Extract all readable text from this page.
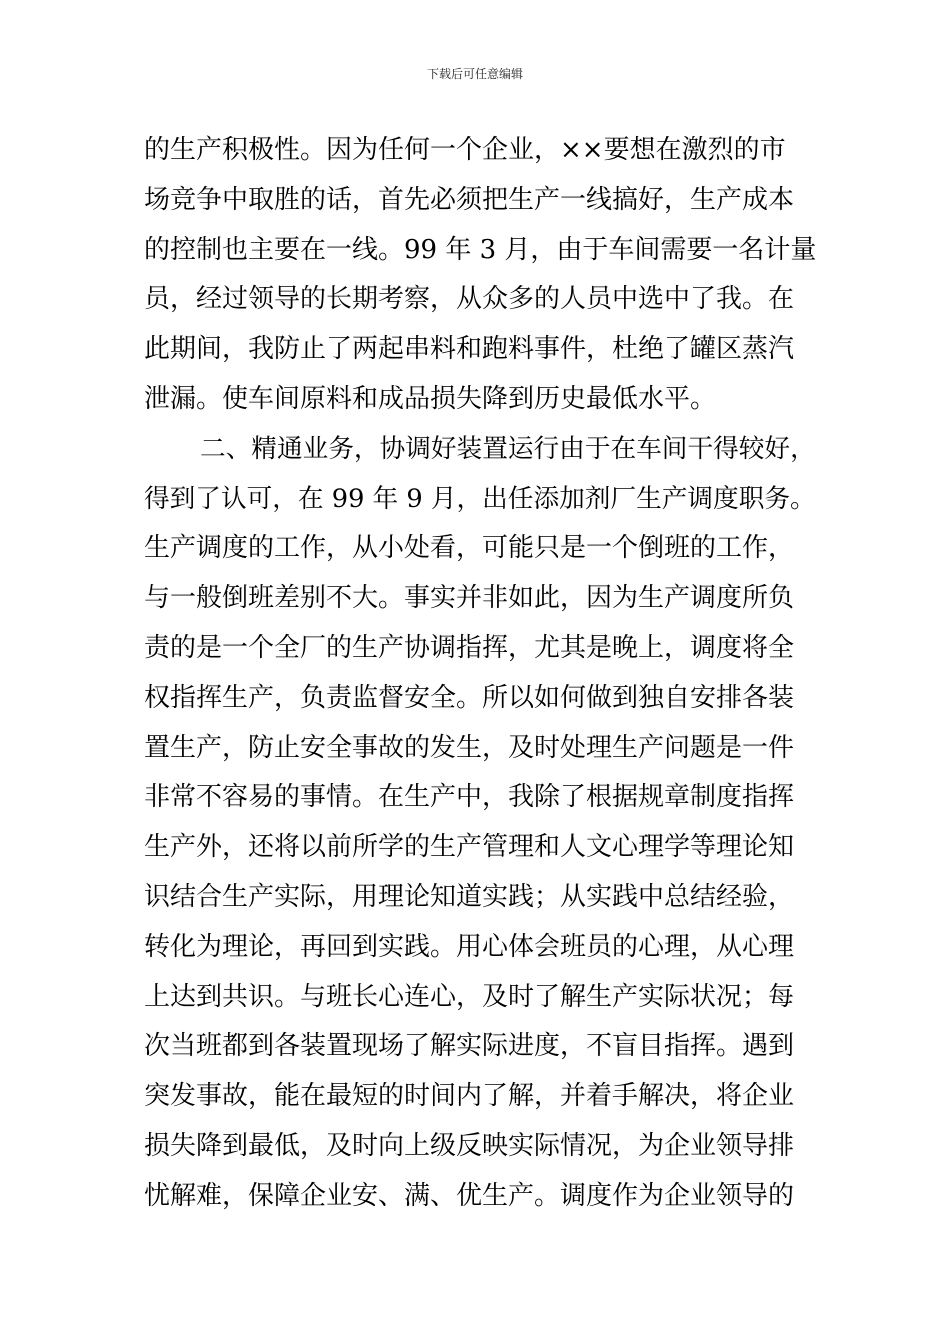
下载后可任意编辑
的生产积极性。因为任何一个企业，××要想在激烈的市
场竞争中取胜的话，首先必须把生产一线搞好，生产成本
的控制也主要在一线。99 年 3 月，由于车间需要一名计量
员，经过领导的长期考察，从众多的人员中选中了我。在
此期间，我防止了两起串料和跑料事件，杜绝了罐区蒸汽
泄漏。使车间原料和成品损失降到历史最低水平。
二、精通业务，协调好装置运行由于在车间干得较好，
得到了认可，在 99 年 9 月，出任添加剂厂生产调度职务。
生产调度的工作，从小处看，可能只是一个倒班的工作，
与一般倒班差别不大。事实并非如此，因为生产调度所负
责的是一个全厂的生产协调指挥，尤其是晚上，调度将全
权指挥生产，负责监督安全。所以如何做到独自安排各装
置生产，防止安全事故的发生，及时处理生产问题是一件
非常不容易的事情。在生产中，我除了根据规章制度指挥
生产外，还将以前所学的生产管理和人文心理学等理论知
识结合生产实际，用理论知道实践；从实践中总结经验，
转化为理论，再回到实践。用心体会班员的心理，从心理
上达到共识。与班长心连心，及时了解生产实际状况；每
次当班都到各装置现场了解实际进度，不盲目指挥。遇到
突发事故，能在最短的时间内了解，并着手解决，将企业
损失降到最低，及时向上级反映实际情况，为企业领导排
忧解难，保障企业安、满、优生产。调度作为企业领导的
